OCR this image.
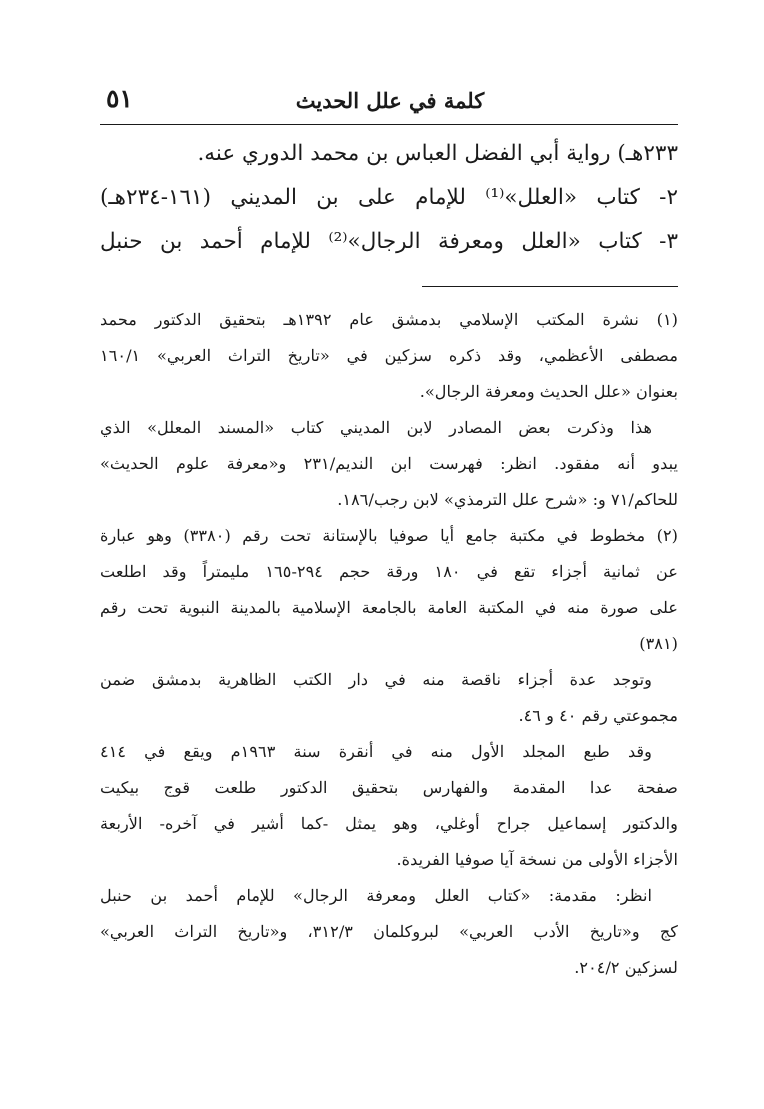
٥١	كلمة في علل الحديث
٢٣٣هـ) رواية أبي الفضل العباس بن محمد الدوري عنه.
٢- كتاب «العلل»⁽¹⁾ للإمام على بن المديني (١٦١-٢٣٤هـ)
٣- كتاب «العلل ومعرفة الرجال»⁽²⁾ للإمام أحمد بن حنبل
(١) نشرة المكتب الإسلامي بدمشق عام ١٣٩٢هـ بتحقيق الدكتور محمد
مصطفى الأعظمي، وقد ذكره سزكين في «تاريخ التراث العربي» ١٦٠/١
بعنوان «علل الحديث ومعرفة الرجال».
هذا وذكرت بعض المصادر لابن المديني كتاب «المسند المعلل» الذي
يبدو أنه مفقود. انظر: فهرست ابن النديم/٢٣١ و«معرفة علوم الحديث»
للحاكم/٧١ و: «شرح علل الترمذي» لابن رجب/١٨٦.
(٢) مخطوط في مكتبة جامع أيا صوفيا بالإستانة تحت رقم (٣٣٨٠) وهو عبارة
عن ثمانية أجزاء تقع في ١٨٠ ورقة حجم ٢٩٤-١٦٥ مليمتراً وقد اطلعت
على صورة منه في المكتبة العامة بالجامعة الإسلامية بالمدينة النبوية تحت رقم
(٣٨١)
وتوجد عدة أجزاء ناقصة منه في دار الكتب الظاهرية بدمشق ضمن
مجموعتي رقم ٤٠ و ٤٦.
وقد طبع المجلد الأول منه في أنقرة سنة ١٩٦٣م ويقع في ٤١٤
صفحة عدا المقدمة والفهارس بتحقيق الدكتور طلعت قوج بيكيت
والدكتور إسماعيل جراح أوغلي، وهو يمثل -كما أشير في آخره- الأربعة
الأجزاء الأولى من نسخة آيا صوفيا الفريدة.
انظر: مقدمة: «كتاب العلل ومعرفة الرجال» للإمام أحمد بن حنبل
كج و«تاريخ الأدب العربي» لبروكلمان ٣١٢/٣، و«تاريخ التراث العربي»
لسزكين ٢٠٤/٢.
